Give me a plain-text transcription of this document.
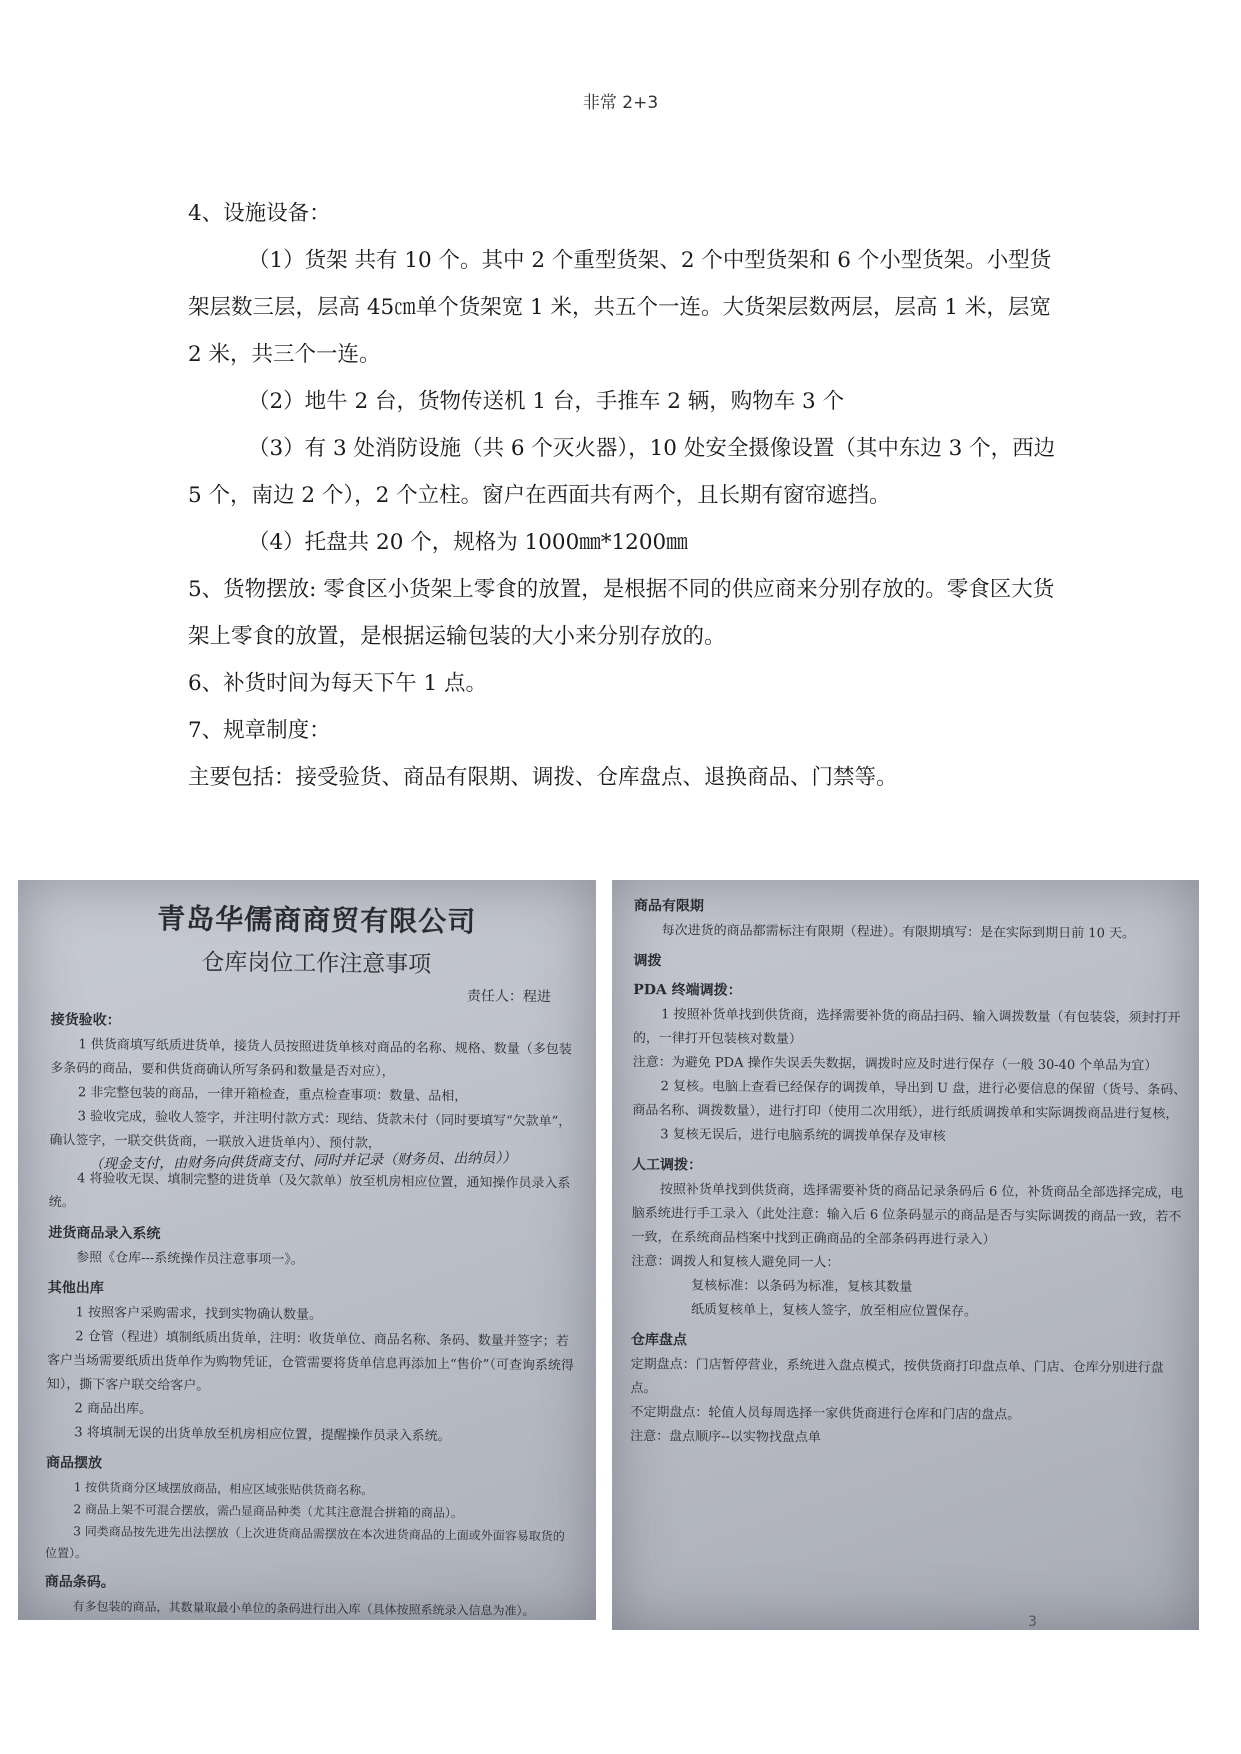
非常 2+3

4、设施设备：

（1）货架 共有 10 个。其中 2 个重型货架、2 个中型货架和 6 个小型货架。小型货架层数三层，层高 45㎝单个货架宽 1 米，共五个一连。大货架层数两层，层高 1 米，层宽 2 米，共三个一连。

（2）地牛 2 台，货物传送机 1 台，手推车 2 辆，购物车 3 个

（3）有 3 处消防设施（共 6 个灭火器），10 处安全摄像设置（其中东边 3 个，西边 5 个，南边 2 个），2 个立柱。窗户在西面共有两个，且长期有窗帘遮挡。

（4）托盘共 20 个，规格为 1000㎜*1200㎜

5、货物摆放: 零食区小货架上零食的放置，是根据不同的供应商来分别存放的。零食区大货架上零食的放置，是根据运输包装的大小来分别存放的。

6、补货时间为每天下午 1 点。

7、规章制度：

主要包括：接受验货、商品有限期、调拨、仓库盘点、退换商品、门禁等。

青岛华儒商商贸有限公司
仓库岗位工作注意事项
责任人：程进
接货验收：

1 供货商填写纸质进货单，接货人员按照进货单核对商品的名称、规格、数量（多包装多条码的商品，要和供货商确认所写条码和数量是否对应），

2 非完整包装的商品，一律开箱检查，重点检查事项：数量、品相，

3 验收完成，验收人签字，并注明付款方式：现结、货款未付（同时要填写“欠款单”，确认签字，一联交供货商，一联放入进货单内）、预付款，

（现金支付，由财务向供货商支付、同时并记录（财务员、出纳员））

4 将验收无误、填制完整的进货单（及欠款单）放至机房相应位置，通知操作员录入系统。

进货商品录入系统

参照《仓库---系统操作员注意事项一》。

其他出库

1 按照客户采购需求，找到实物确认数量。

2 仓管（程进）填制纸质出货单，注明：收货单位、商品名称、条码、数量并签字；若客户当场需要纸质出货单作为购物凭证，仓管需要将货单信息再添加上“售价”（可查询系统得知），撕下客户联交给客户。

2 商品出库。

3 将填制无误的出货单放至机房相应位置，提醒操作员录入系统。

商品摆放

1 按供货商分区域摆放商品，相应区域张贴供货商名称。

2 商品上架不可混合摆放，需凸显商品种类（尤其注意混合拼箱的商品）。

3 同类商品按先进先出法摆放（上次进货商品需摆放在本次进货商品的上面或外面容易取货的位置）。

商品条码。

有多包装的商品，其数量取最小单位的条码进行出入库（具体按照系统录入信息为准）。

商品有限期

每次进货的商品都需标注有限期（程进）。有限期填写：是在实际到期日前 10 天。

调拨
PDA 终端调拨：

1 按照补货单找到供货商，选择需要补货的商品扫码、输入调拨数量（有包装袋，须封打开的，一律打开包装核对数量）

注意：为避免 PDA 操作失误丢失数据，调拨时应及时进行保存（一般 30-40 个单品为宜）

2 复核。电脑上查看已经保存的调拨单，导出到 U 盘，进行必要信息的保留（货号、条码、商品名称、调拨数量），进行打印（使用二次用纸），进行纸质调拨单和实际调拨商品进行复核，

3 复核无误后，进行电脑系统的调拨单保存及审核

人工调拨：

按照补货单找到供货商，选择需要补货的商品记录条码后 6 位，补货商品全部选择完成，电脑系统进行手工录入（此处注意：输入后 6 位条码显示的商品是否与实际调拨的商品一致，若不一致，在系统商品档案中找到正确商品的全部条码再进行录入）

注意：调拨人和复核人避免同一人：

复核标准：以条码为标准，复核其数量

纸质复核单上，复核人签字，放至相应位置保存。

仓库盘点

定期盘点：门店暂停营业，系统进入盘点模式，按供货商打印盘点单、门店、仓库分别进行盘点。

不定期盘点：轮值人员每周选择一家供货商进行仓库和门店的盘点。

注意：盘点顺序--以实物找盘点单

3
